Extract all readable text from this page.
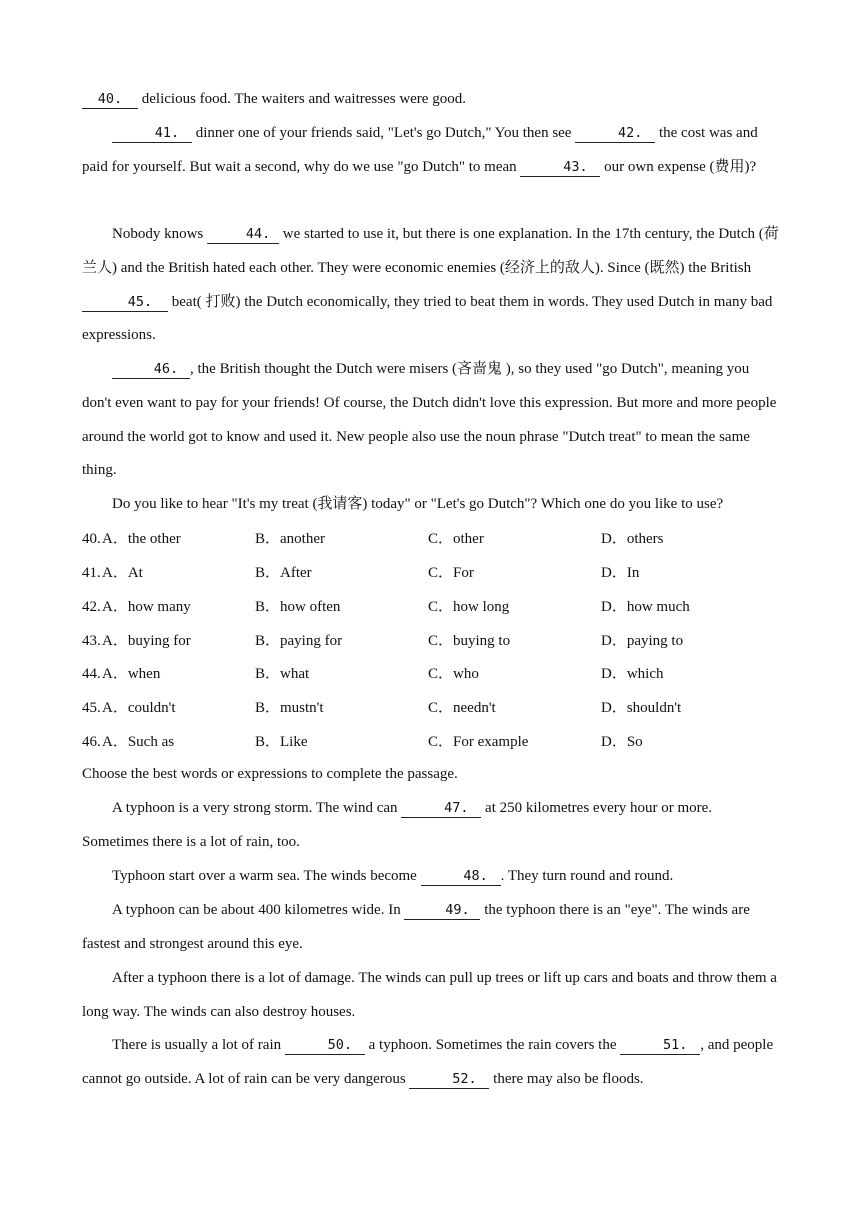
40. delicious food. The waiters and waitresses were good.

41. dinner one of your friends said, "Let's go Dutch," You then see	42. the cost was and paid for yourself. But wait a second, why do we use "go Dutch" to mean	43. our own expense (费用)?

Nobody knows	44. we started to use it, but there is one explanation. In the 17th century, the Dutch (荷兰人) and the British hated each other. They were economic enemies (经济上的敌人). Since (既然) the British 45. beat( 打败) the Dutch economically, they tried to beat them in words. They used Dutch in many bad expressions.

46. , the British thought the Dutch were misers (吝啬鬼 ), so they used "go Dutch", meaning you don't even want to pay for your friends! Of course, the Dutch didn't love this expression. But more and more people around the world got to know and used it. New people also use the noun phrase "Dutch treat" to mean the same thing.

Do you like to hear "It's my treat (我请客) today" or "Let's go Dutch"? Which one do you like to use?

40. A．the other	B．another	C．other	D．others
41. A．At	B．After	C．For	D．In
42. A．how many	B．how often	C．how long	D．how much
43. A．buying for	B．paying for	C．buying to	D．paying to
44. A．when	B．what	C．who	D．which
45. A．couldn't	B．mustn't	C．needn't	D．shouldn't
46. A．Such as	B．Like	C．For example	D．So

Choose the best words or expressions to complete the passage.

A typhoon is a very strong storm. The wind can	47. at 250 kilometres every hour or more. Sometimes there is a lot of rain, too.

Typhoon start over a warm sea. The winds become	48. . They turn round and round.

A typhoon can be about 400 kilometres wide. In	49. the typhoon there is an "eye". The winds are fastest and strongest around this eye.

After a typhoon there is a lot of damage. The winds can pull up trees or lift up cars and boats and throw them a long way. The winds can also destroy houses.

There is usually a lot of rain	50. a typhoon. Sometimes the rain covers the	51. , and people cannot go outside. A lot of rain can be very dangerous	52. there may also be floods.
